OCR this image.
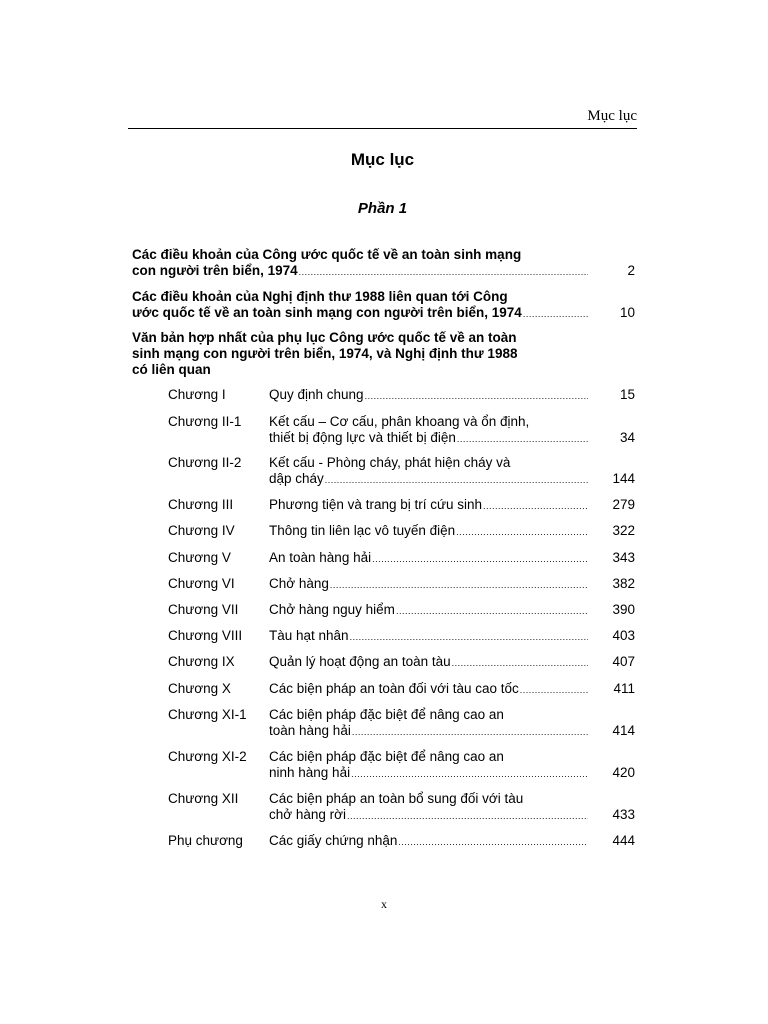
Mục lục
Mục lục
Phần 1
Các điều khoản của Công ước quốc tế về an toàn sinh mạng
con người trên biển, 1974 .....	2
Các điều khoản của Nghị định thư 1988 liên quan tới Công
ước quốc tế về an toàn sinh mạng con người trên biển, 1974 .....	10
Văn bản hợp nhất của phụ lục Công ước quốc tế về an toàn
sinh mạng con người trên biển, 1974, và Nghị định thư 1988
có liên quan
Chương I	Quy định chung .....	15
Chương II-1 Kết cấu – Cơ cấu, phân khoang và ổn định,
thiết bị động lực và thiết bị điện .....	34
Chương II-2 Kết cấu - Phòng cháy, phát hiện cháy và
dập cháy .....	144
Chương III	Phương tiện và trang bị trí cứu sinh .....	279
Chương IV	Thông tin liên lạc vô tuyến điện .....	322
Chương V	An toàn hàng hải .....	343
Chương VI	Chở hàng .....	382
Chương VII Chở hàng nguy hiểm .....	390
Chương VIII Tàu hạt nhân .....	403
Chương IX	Quản lý hoạt động an toàn tàu .....	407
Chương X	Các biện pháp an toàn đối với tàu cao tốc .....	411
Chương XI-1 Các biện pháp đặc biệt để nâng cao an
toàn hàng hải .....	414
Chương XI-2 Các biện pháp đặc biệt để nâng cao an
ninh hàng hải .....	420
Chương XII Các biện pháp an toàn bổ sung đối với tàu
chở hàng rời .....	433
Phụ chương Các giấy chứng nhận .....	444
x
